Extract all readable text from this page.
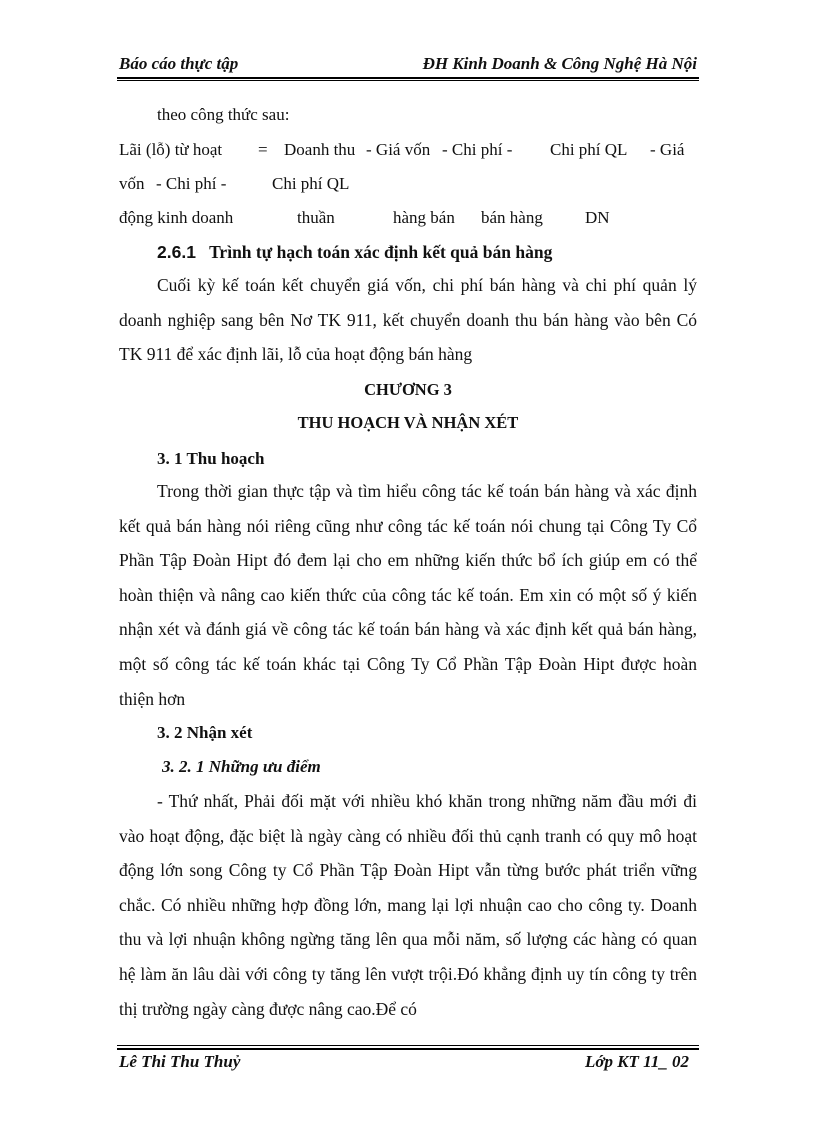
Báo cáo thực tập	ĐH Kinh Doanh & Công Nghệ Hà Nội
theo công thức sau:
Lãi (lỗ) từ hoạt = Doanh thu - Giá vốn - Chi phí - Chi phí QL - Giá
vốn - Chi phí -	Chi phí QL
động kinh doanh	thuần	hàng bán bán hàng DN
2.6.1 Trình tự hạch toán xác định kết quả bán hàng
Cuối kỳ kế toán kết chuyển giá vốn, chi phí bán hàng và chi phí quản lý doanh nghiệp sang bên Nơ TK 911, kết chuyển doanh thu bán hàng vào bên Có TK 911 để xác định lãi, lỗ của hoạt động bán hàng
CHƯƠNG 3
THU HOẠCH VÀ NHẬN XÉT
3. 1 Thu hoạch
Trong thời gian thực tập và tìm hiểu công tác kế toán bán hàng và xác định kết quả bán hàng nói riêng cũng như công tác kế toán nói chung tại Công Ty Cổ Phần Tập Đoàn Hipt đó đem lại cho em những kiến thức bổ ích giúp em có thể hoàn thiện và nâng cao kiến thức của công tác kế toán. Em xin có một số ý kiến nhận xét và đánh giá về công tác kế toán bán hàng và xác định kết quả bán hàng, một số công tác kế toán khác tại Công Ty Cổ Phần Tập Đoàn Hipt được hoàn thiện hơn
3. 2 Nhận xét
3. 2. 1 Những ưu điểm
- Thứ nhất, Phải đối mặt với nhiều khó khăn trong những năm đầu mới đi vào hoạt động, đặc biệt là ngày càng có nhiều đối thủ cạnh tranh có quy mô hoạt động lớn song Công ty Cổ Phần Tập Đoàn Hipt vẫn từng bước phát triển vững chắc. Có nhiều những hợp đồng lớn, mang lại lợi nhuận cao cho công ty. Doanh thu và lợi nhuận không ngừng tăng lên qua mỗi năm, số lượng các hàng có quan hệ làm ăn lâu dài với công ty tăng lên vượt trội.Đó khẳng định uy tín công ty trên thị trường ngày càng được nâng cao.Để có
Lê Thi Thu Thuỷ	Lớp KT 11_ 02
